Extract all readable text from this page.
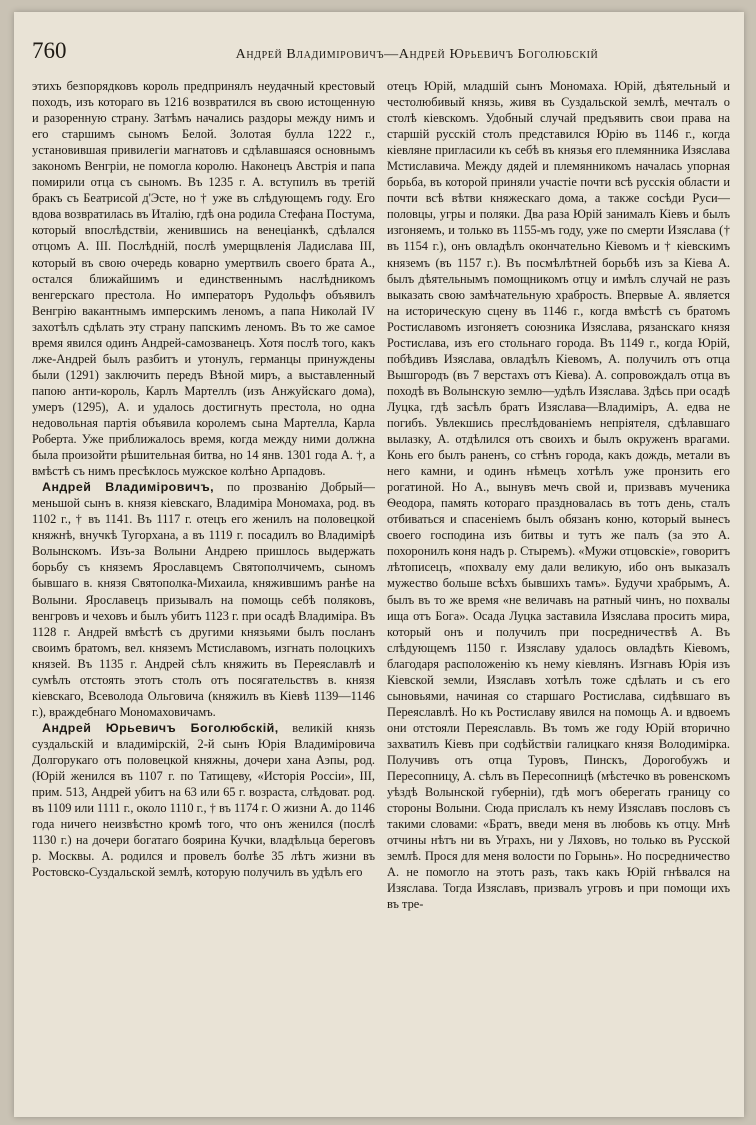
760	Андрей Владиміровичъ—Андрей Юрьевичъ Боголюбскій

этихъ безпорядковъ король предпринялъ неудачный крестовый походъ, изъ котораго въ 1216 возвратился въ свою истощенную и разоренную страну. Затѣмъ начались раздоры между нимъ и его старшимъ сыномъ Белой. Золотая булла 1222 г., установившая привилегіи магнатовъ и сдѣлавшаяся основнымъ закономъ Венгріи, не помогла королю. Наконецъ Австрія и папа помирили отца съ сыномъ. Въ 1235 г. А. вступилъ въ третій бракъ съ Беатрисой д'Эсте, но † уже въ слѣдующемъ году. Его вдова возвратилась въ Италію, гдѣ она родила Стефана Постума, который впослѣдствіи, женившись на венеціанкѣ, сдѣлался отцомъ А. III. Послѣдній, послѣ умерщвленія Ладислава III, который въ свою очередь коварно умертвилъ своего брата А., остался ближайшимъ и единственнымъ наслѣдникомъ венгерскаго престола. Но императоръ Рудольфъ объявилъ Венгрію вакантнымъ имперскимъ леномъ, а папа Николай IV захотѣлъ сдѣлать эту страну папскимъ леномъ. Въ то же самое время явился одинъ Андрей-самозванецъ. Хотя послѣ того, какъ лже-Андрей былъ разбитъ и утонулъ, германцы принуждены были (1291) заключить передъ Вѣной миръ, а выставленный папою анти-король, Карлъ Мартеллъ (изъ Анжуйскаго дома), умеръ (1295), А. и удалось достигнуть престола, но одна недовольная партія объявила королемъ сына Мартелла, Карла Роберта. Уже приближалось время, когда между ними должна была произойти рѣшительная битва, но 14 янв. 1301 года А. †, а вмѣстѣ съ нимъ пресѣклось мужское колѣно Арпадовъ.

Андрей Владиміровичъ, по прозванію Добрый—меньшой сынъ в. князя кіевскаго, Владиміра Мономаха, род. въ 1102 г., † въ 1141. Въ 1117 г. отецъ его женилъ на половецкой княжнѣ, внучкѣ Тугорхана, а въ 1119 г. посадилъ во Владимірѣ Волынскомъ. Изъ-за Волыни Андрею пришлось выдержать борьбу съ княземъ Ярославцемъ Святополчичемъ, сыномъ бывшаго в. князя Святополка-Михаила, княжившимъ ранѣе на Волыни. Ярославецъ призывалъ на помощь себѣ поляковъ, венгровъ и чеховъ и былъ убитъ 1123 г. при осадѣ Владиміра. Въ 1128 г. Андрей вмѣстѣ съ другими князьями былъ посланъ своимъ братомъ, вел. княземъ Мстиславомъ, изгнать полоцкихъ князей. Въ 1135 г. Андрей сѣлъ княжить въ Переяславлѣ и сумѣлъ отстоять этотъ столъ отъ посягательствъ в. князя кіевскаго, Всеволода Ольговича (княжилъ въ Кіевѣ 1139—1146 г.), враждебнаго Мономаховичамъ.

Андрей Юрьевичъ Боголюбскій, великій князь суздальскій и владимірскій, 2-й сынъ Юрія Владиміровича Долгорукаго отъ половецкой княжны, дочери хана Аэпы, род. (Юрій женился въ 1107 г. по Татищеву, «Исторія Россіи», III, прим. 513, Андрей убитъ на 63 или 65 г. возраста, слѣдоват. род. въ 1109 или 1111 г., около 1110 г., † въ 1174 г. О жизни А. до 1146 года ничего неизвѣстно кромѣ того, что онъ женился (послѣ 1130 г.) на дочери богатаго боярина Кучки, владѣльца береговъ р. Москвы. А. родился и провелъ болѣе 35 лѣтъ жизни въ Ростовско-Суздальской землѣ, которую получилъ въ удѣлъ его

отецъ Юрій, младшій сынъ Мономаха. Юрій, дѣятельный и честолюбивый князь, живя въ Суздальской землѣ, мечталъ о столѣ кіевскомъ. Удобный случай предъявить свои права на старшій русскій столъ представился Юрію въ 1146 г., когда кіевляне пригласили къ себѣ въ князья его племянника Изяслава Мстиславича. Между дядей и племянникомъ началась упорная борьба, въ которой приняли участіе почти всѣ русскія области и почти всѣ вѣтви княжескаго дома, а также сосѣди Руси—половцы, угры и поляки. Два раза Юрій занималъ Кіевъ и былъ изгоняемъ, и только въ 1155-мъ году, уже по смерти Изяслава († въ 1154 г.), онъ овладѣлъ окончательно Кіевомъ и † кіевскимъ княземъ (въ 1157 г.). Въ посмѣлѣтней борьбѣ изъ за Кіева А. былъ дѣятельнымъ помощникомъ отцу и имѣлъ случай не разъ выказать свою замѣчательную храбрость. Впервые А. является на историческую сцену въ 1146 г., когда вмѣстѣ съ братомъ Ростиславомъ изгоняетъ союзника Изяслава, рязанскаго князя Ростислава, изъ его стольнаго города. Въ 1149 г., когда Юрій, побѣдивъ Изяслава, овладѣлъ Кіевомъ, А. получилъ отъ отца Вышгородъ (въ 7 верстахъ отъ Кіева). А. сопровождалъ отца въ походѣ въ Волынскую землю—удѣлъ Изяслава. Здѣсь при осадѣ Луцка, гдѣ засѣлъ братъ Изяслава—Владиміръ, А. едва не погибъ. Увлекшись преслѣдованіемъ непріятеля, сдѣлавшаго вылазку, А. отдѣлился отъ своихъ и былъ окруженъ врагами. Конь его былъ раненъ, со стѣнъ города, какъ дождь, метали въ него камни, и одинъ нѣмецъ хотѣлъ уже пронзить его рогатиной. Но А., вынувъ мечъ свой и, призвавъ мученика Ѳеодора, память котораго праздновалась въ тотъ день, сталъ отбиваться и спасеніемъ былъ обязанъ коню, который вынесъ своего господина изъ битвы и тутъ же палъ (за это А. похоронилъ коня надъ р. Стыремъ). «Мужи отцовскіе», говоритъ лѣтописецъ, «похвалу ему дали великую, ибо онъ выказалъ мужество больше всѣхъ бывшихъ тамъ». Будучи храбрымъ, А. былъ въ то же время «не величавъ на ратный чинъ, но похвалы ища отъ Бога». Осада Луцка заставила Изяслава просить мира, который онъ и получилъ при посредничествѣ А. Въ слѣдующемъ 1150 г. Изяславу удалось овладѣть Кіевомъ, благодаря расположенію къ нему кіевлянъ. Изгнавъ Юрія изъ Кіевской земли, Изяславъ хотѣлъ тоже сдѣлать и съ его сыновьями, начиная со старшаго Ростислава, сидѣвшаго въ Переяславлѣ. Но къ Ростиславу явился на помощь А. и вдвоемъ они отстояли Переяславль. Въ томъ же году Юрій вторично захватилъ Кіевъ при содѣйствіи галицкаго князя Володимірка. Получивъ отъ отца Туровъ, Пинскъ, Дорогобужъ и Пересопницу, А. сѣлъ въ Пересопницѣ (мѣстечко въ ровенскомъ уѣздѣ Волынской губерніи), гдѣ могъ оберегать границу со стороны Волыни. Сюда прислалъ къ нему Изяславъ пословъ съ такими словами: «Братъ, введи меня въ любовь къ отцу. Мнѣ отчины нѣтъ ни въ Уграхъ, ни у Ляховъ, но только въ Русской землѣ. Прося для меня волости по Горынь». Но посредничество А. не помогло на этотъ разъ, такъ какъ Юрій гнѣвался на Изяслава. Тогда Изяславъ, призвалъ угровъ и при помощи ихъ въ тре-
